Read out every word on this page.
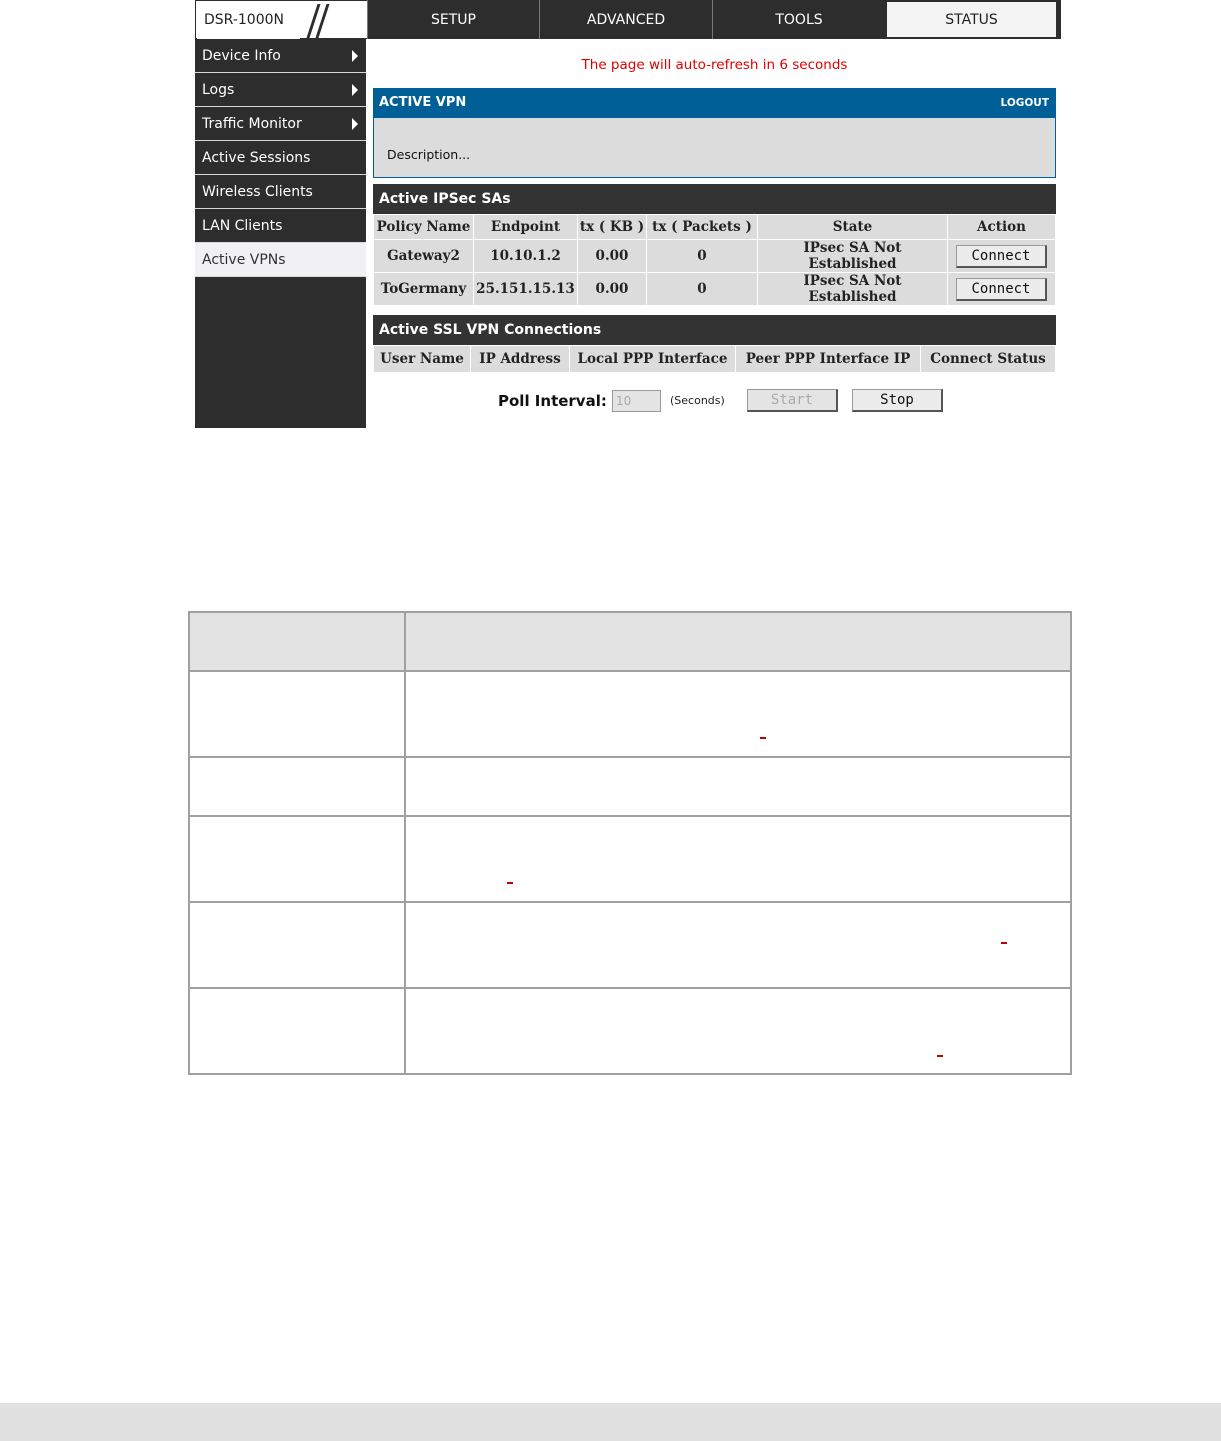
DSR-1000N	SETUP	ADVANCED	TOOLS	STATUS
Device Info
Logs
Traffic Monitor
Active Sessions
Wireless Clients
LAN Clients
Active VPNs
The page will auto-refresh in 6 seconds
ACTIVE VPN	LOGOUT
Description...
Active IPSec SAs
Policy Name	Endpoint	tx ( KB )	tx ( Packets )	State	Action
Gateway2	10.10.1.2	0.00	0	IPsec SA Not Established	Connect
ToGermany	25.151.15.13	0.00	0	IPsec SA Not Established	Connect
Active SSL VPN Connections
User Name	IP Address	Local PPP Interface	Peer PPP Interface IP	Connect Status
Poll Interval: 10	(Seconds)	Start	Stop
